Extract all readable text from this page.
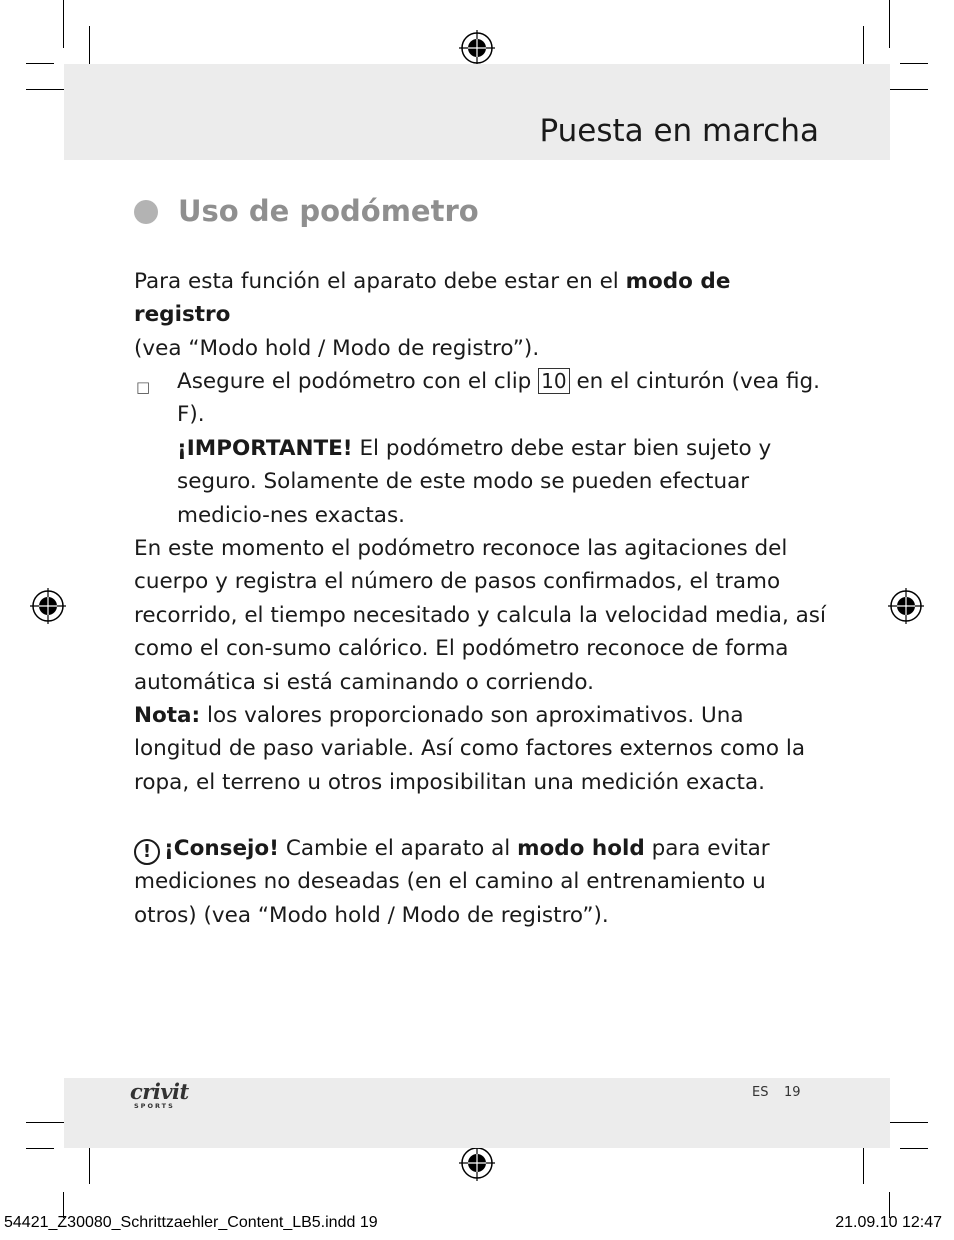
Puesta en marcha
Uso de podómetro
Para esta función el aparato debe estar en el modo de registro
(vea “Modo hold / Modo de registro”).
□ Asegure el podómetro con el clip 10 en el cinturón (vea fig. F).
¡IMPORTANTE! El podómetro debe estar bien sujeto y seguro. Solamente de este modo se pueden efectuar medicio-nes exactas.
En este momento el podómetro reconoce las agitaciones del cuerpo y registra el número de pasos confirmados, el tramo recorrido, el tiempo necesitado y calcula la velocidad media, así como el con-sumo calórico. El podómetro reconoce de forma automática si está caminando o corriendo.
Nota: los valores proporcionado son aproximativos. Una longitud de paso variable. Así como factores externos como la ropa, el terreno u otros imposibilitan una medición exacta.
! ¡Consejo! Cambie el aparato al modo hold para evitar mediciones no deseadas (en el camino al entrenamiento u otros) (vea “Modo hold / Modo de registro”).
crivit
SPORTS
ES 19
54421_Z30080_Schrittzaehler_Content_LB5.indd 19	21.09.10 12:47
